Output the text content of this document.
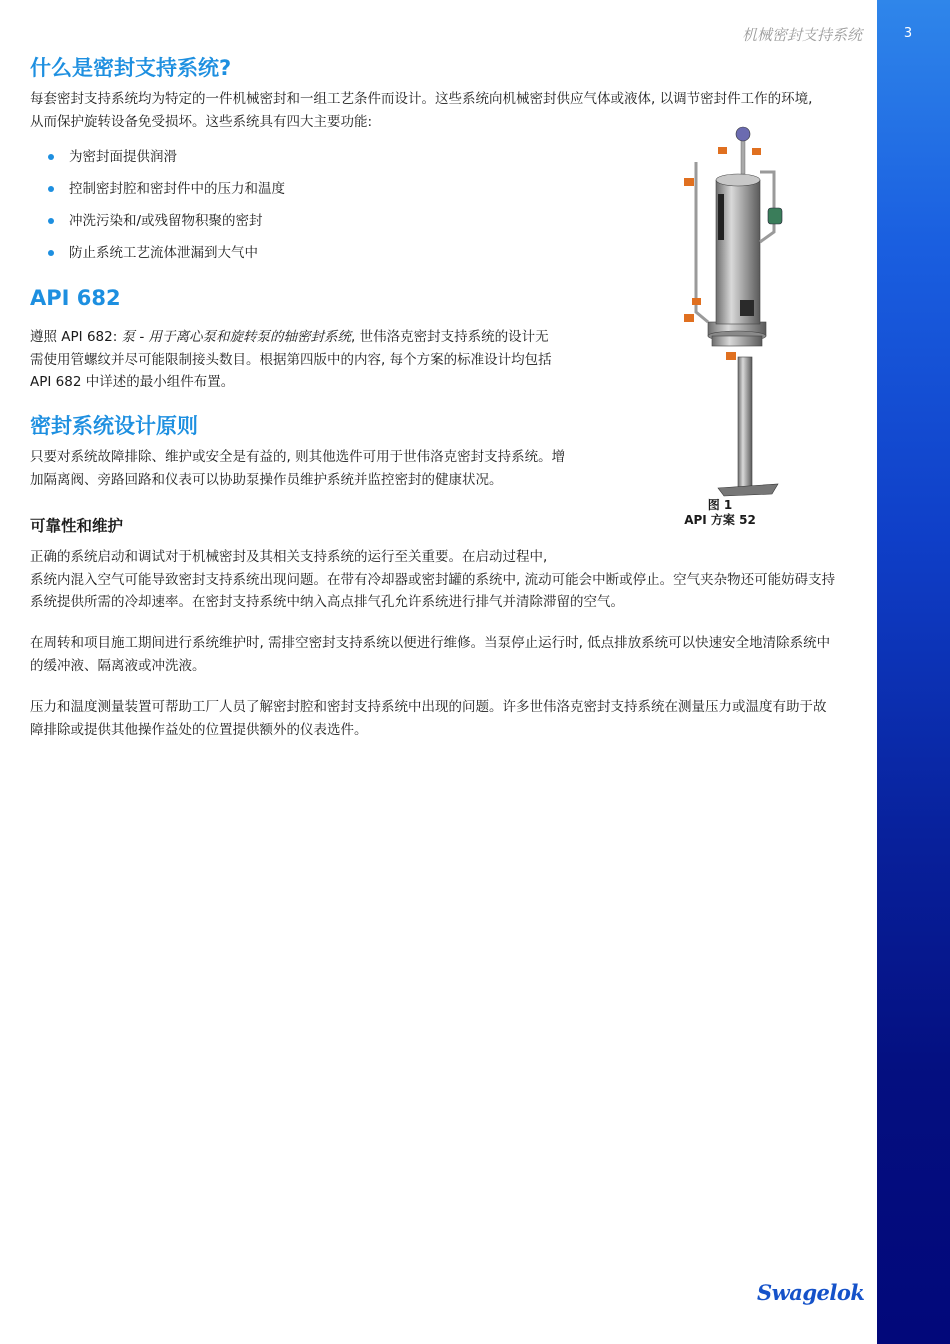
3
机械密封支持系统
什么是密封支持系统?

每套密封支持系统均为特定的一件机械密封和一组工艺条件而设计。这些系统向机械密封供应气体或液体, 以调节密封件工作的环境,
从而保护旋转设备免受损坏。这些系统具有四大主要功能:

为密封面提供润滑
控制密封腔和密封件中的压力和温度
冲洗污染和/或残留物积聚的密封
防止系统工艺流体泄漏到大气中
API 682

遵照 API 682: 泵 - 用于离心泵和旋转泵的轴密封系统, 世伟洛克密封支持系统的设计无
需使用管螺纹并尽可能限制接头数目。根据第四版中的内容, 每个方案的标准设计均包括
API 682 中详述的最小组件布置。

密封系统设计原则

只要对系统故障排除、维护或安全是有益的, 则其他选件可用于世伟洛克密封支持系统。增
加隔离阀、旁路回路和仪表可以协助泵操作员维护系统并监控密封的健康状况。

可靠性和维护

正确的系统启动和调试对于机械密封及其相关支持系统的运行至关重要。在启动过程中,
系统内混入空气可能导致密封支持系统出现问题。在带有冷却器或密封罐的系统中, 流动可能会中断或停止。空气夹杂物还可能妨碍支持
系统提供所需的冷却速率。在密封支持系统中纳入高点排气孔允许系统进行排气并清除滞留的空气。

在周转和项目施工期间进行系统维护时, 需排空密封支持系统以便进行维修。当泵停止运行时, 低点排放系统可以快速安全地清除系统中
的缓冲液、隔离液或冲洗液。

压力和温度测量装置可帮助工厂人员了解密封腔和密封支持系统中出现的问题。许多世伟洛克密封支持系统在测量压力或温度有助于故
障排除或提供其他操作益处的位置提供额外的仪表选件。

图 1
API 方案 52
Swagelok
